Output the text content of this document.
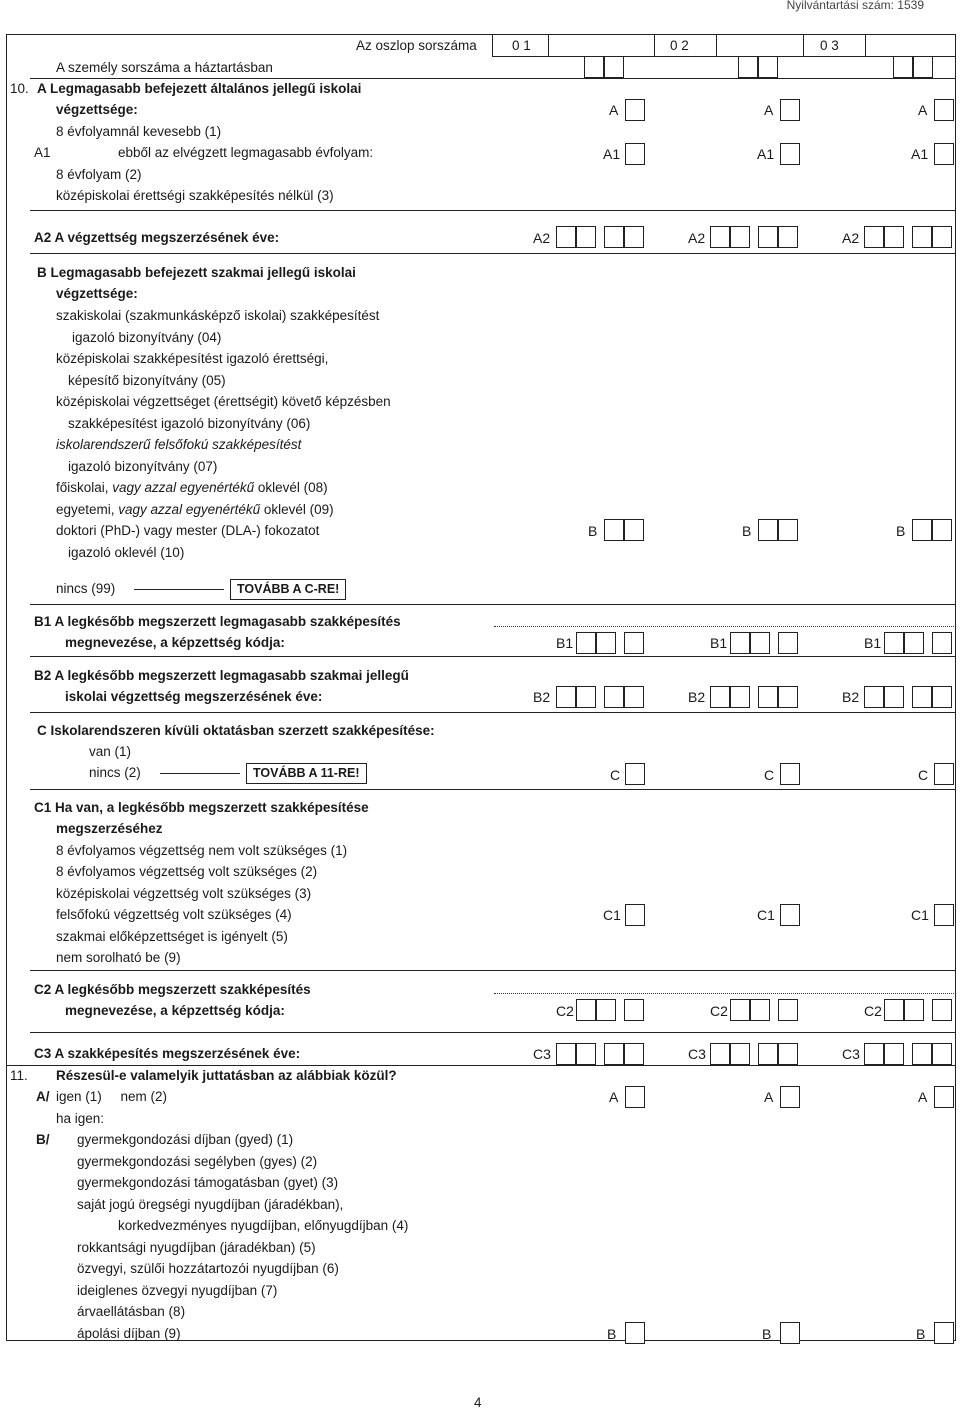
Nyilvántartási szám: 1539
Az oszlop sorszáma	0 1	0 2	0 3
A személy sorszáma a háztartásban
10. A Legmagasabb befejezett általános jellegű iskolai
végzettsége:
8 évfolyamnál kevesebb (1)
A1	ebből az elvégzett legmagasabb évfolyam:
8 évfolyam (2)
középiskolai érettségi szakképesítés nélkül (3)
A	A	A
A1	A1	A1
A2 A végzettség megszerzésének éve:	A2	A2	A2
B Legmagasabb befejezett szakmai jellegű iskolai
végzettsége:
szakiskolai (szakmunkásképző iskolai) szakképesítést
igazoló bizonyítvány (04)
középiskolai szakképesítést igazoló érettségi,
képesítő bizonyítvány (05)
középiskolai végzettséget (érettségit) követő képzésben
szakképesítést igazoló bizonyítvány (06)
iskolarendszerű felsőfokú szakképesítést
igazoló bizonyítvány (07)
főiskolai, vagy azzal egyenértékű oklevél (08)
egyetemi, vagy azzal egyenértékű oklevél (09)
doktori (PhD-) vagy mester (DLA-) fokozatot
igazoló oklevél (10)
B	B	B
nincs (99)	TOVÁBB A C-RE!
B1 A legkésőbb megszerzett legmagasabb szakképesítés
megnevezése, a képzettség kódja:	B1	B1	B1
B2 A legkésőbb megszerzett legmagasabb szakmai jellegű
iskolai végzettség megszerzésének éve:	B2	B2	B2
C Iskolarendszeren kívüli oktatásban szerzett szakképesítése:
van (1)
nincs (2)	TOVÁBB A 11-RE!	C	C	C
C1 Ha van, a legkésőbb megszerzett szakképesítése
megszerzéséhez
8 évfolyamos végzettség nem volt szükséges (1)
8 évfolyamos végzettség volt szükséges (2)
középiskolai végzettség volt szükséges (3)
felsőfokú végzettség volt szükséges (4)
szakmai előképzettséget is igényelt (5)
nem sorolható be (9)
C1	C1	C1
C2 A legkésőbb megszerzett szakképesítés
megnevezése, a képzettség kódja:	C2	C2	C2
C3 A szakképesítés megszerzésének éve:	C3	C3	C3
11. Részesül-e valamelyik juttatásban az alábbiak közül?
A/ igen (1)     nem (2)
ha igen:
A	A	A
B/ gyermekgondozási díjban (gyed) (1)
gyermekgondozási segélyben (gyes) (2)
gyermekgondozási támogatásban (gyet) (3)
saját jogú öregségi nyugdíjban (járadékban),
korkedvezményes nyugdíjban, előnyugdíjban (4)
rokkantsági nyugdíjban (járadékban) (5)
özvegyi, szülői hozzátartozói nyugdíjban (6)
ideiglenes özvegyi nyugdíjban (7)
árvaellátásban (8)
ápolási díjban (9)	B	B	B
4
